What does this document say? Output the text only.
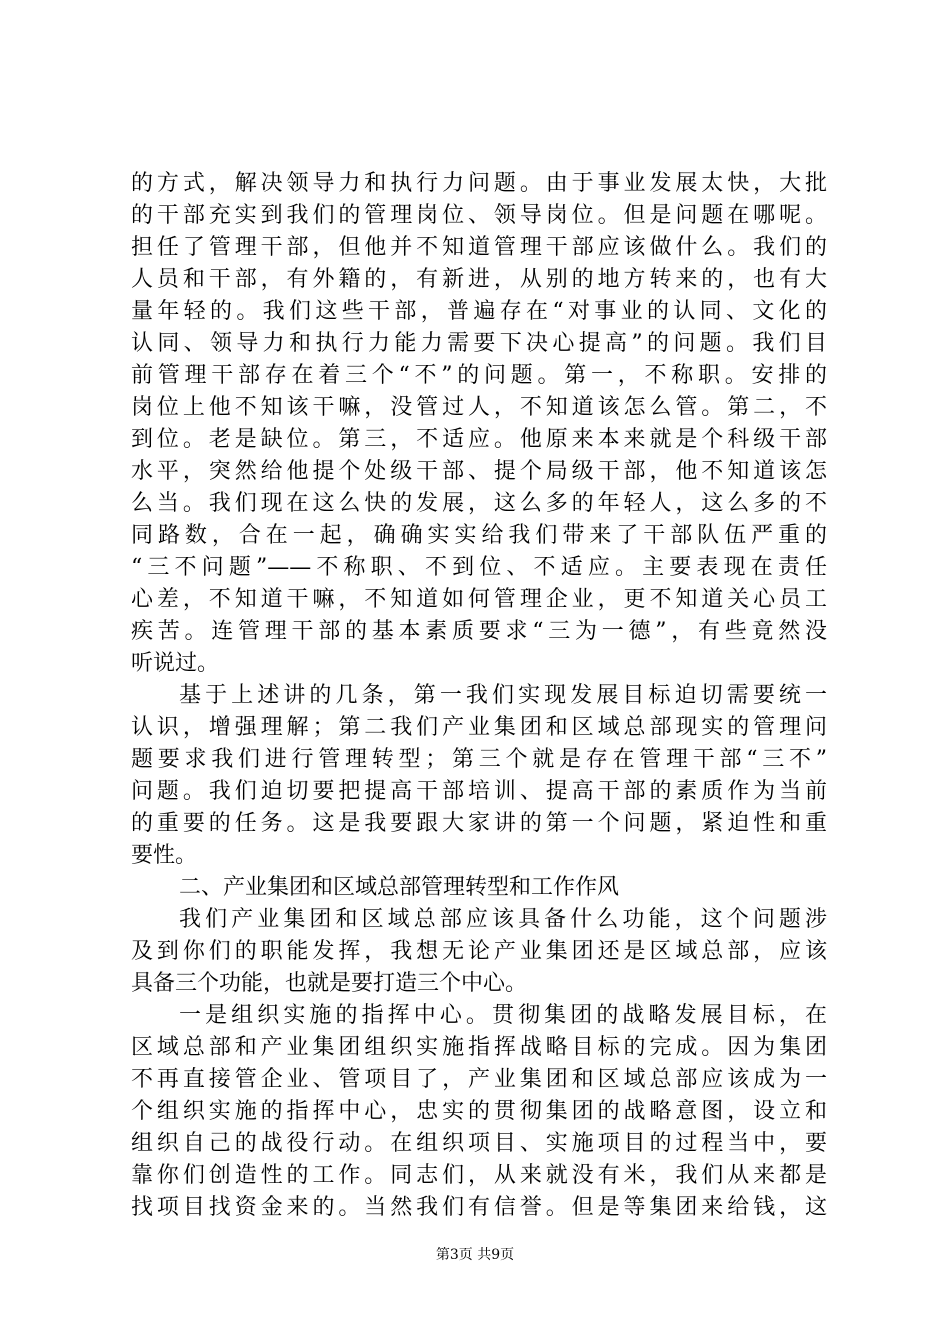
的方式，解决领导力和执行力问题。由于事业发展太快，大批
的干部充实到我们的管理岗位、领导岗位。但是问题在哪呢。
担任了管理干部，但他并不知道管理干部应该做什么。我们的
人员和干部，有外籍的，有新进，从别的地方转来的，也有大
量年轻的。我们这些干部，普遍存在“对事业的认同、文化的
认同、领导力和执行力能力需要下决心提高”的问题。我们目
前管理干部存在着三个“不”的问题。第一，不称职。安排的
岗位上他不知该干嘛，没管过人，不知道该怎么管。第二，不
到位。老是缺位。第三，不适应。他原来本来就是个科级干部
水平，突然给他提个处级干部、提个局级干部，他不知道该怎
么当。我们现在这么快的发展，这么多的年轻人，这么多的不
同路数，合在一起，确确实实给我们带来了干部队伍严重的
“三不问题”——不称职、不到位、不适应。主要表现在责任
心差，不知道干嘛，不知道如何管理企业，更不知道关心员工
疾苦。连管理干部的基本素质要求“三为一德”，有些竟然没
听说过。
基于上述讲的几条，第一我们实现发展目标迫切需要统一
认识，增强理解；第二我们产业集团和区域总部现实的管理问
题要求我们进行管理转型；第三个就是存在管理干部“三不”
问题。我们迫切要把提高干部培训、提高干部的素质作为当前
的重要的任务。这是我要跟大家讲的第一个问题，紧迫性和重
要性。
二、产业集团和区域总部管理转型和工作作风
我们产业集团和区域总部应该具备什么功能，这个问题涉
及到你们的职能发挥，我想无论产业集团还是区域总部，应该
具备三个功能，也就是要打造三个中心。
一是组织实施的指挥中心。贯彻集团的战略发展目标，在
区域总部和产业集团组织实施指挥战略目标的完成。因为集团
不再直接管企业、管项目了，产业集团和区域总部应该成为一
个组织实施的指挥中心，忠实的贯彻集团的战略意图，设立和
组织自己的战役行动。在组织项目、实施项目的过程当中，要
靠你们创造性的工作。同志们，从来就没有米，我们从来都是
找项目找资金来的。当然我们有信誉。但是等集团来给钱，这
第3页 共9页
